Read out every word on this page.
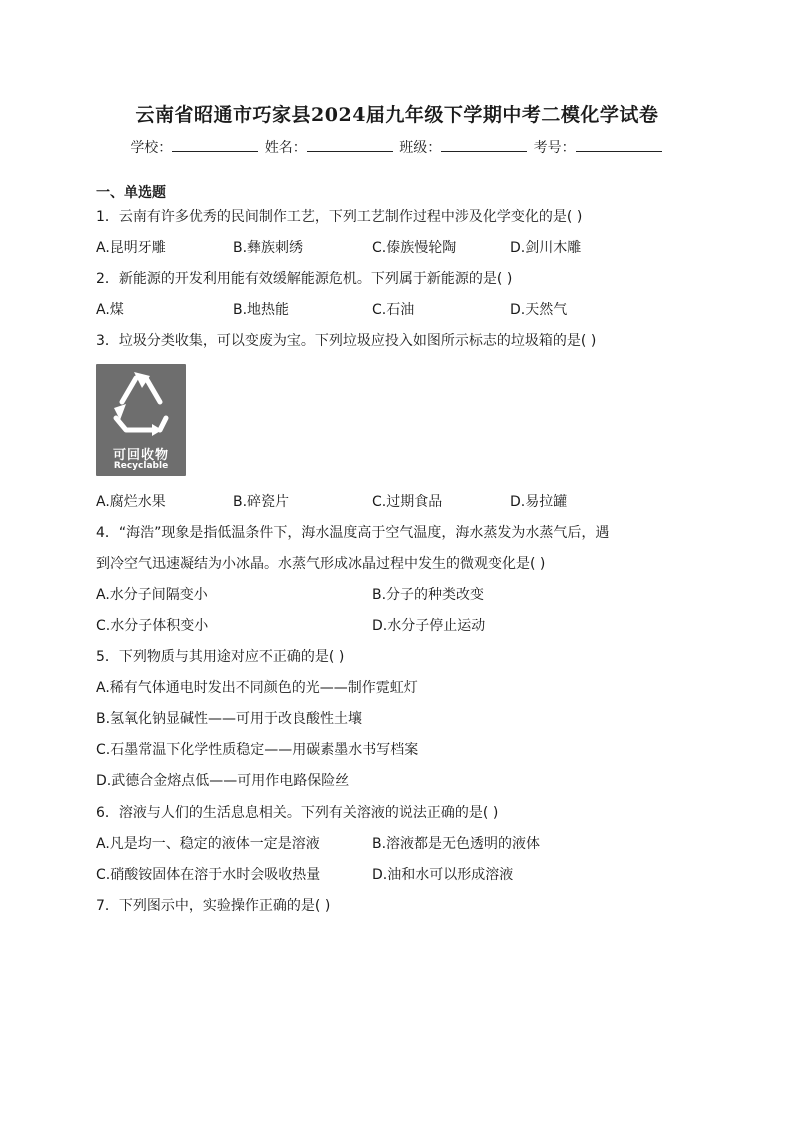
云南省昭通市巧家县2024届九年级下学期中考二模化学试卷
学校：	姓名：	班级：	考号：
一、单选题
1．云南有许多优秀的民间制作工艺，下列工艺制作过程中涉及化学变化的是( )
A.昆明牙雕	B.彝族刺绣	C.傣族慢轮陶	D.剑川木雕
2．新能源的开发利用能有效缓解能源危机。下列属于新能源的是( )
A.煤	B.地热能	C.石油	D.天然气
3．垃圾分类收集，可以变废为宝。下列垃圾应投入如图所示标志的垃圾箱的是( )
可回收物
Recyclable
A.腐烂水果	B.碎瓷片	C.过期食品	D.易拉罐
4．“海浩”现象是指低温条件下，海水温度高于空气温度，海水蒸发为水蒸气后，遇
到冷空气迅速凝结为小冰晶。水蒸气形成冰晶过程中发生的微观变化是( )
A.水分子间隔变小	B.分子的种类改变
C.水分子体积变小	D.水分子停止运动
5．下列物质与其用途对应不正确的是( )
A.稀有气体通电时发出不同颜色的光——制作霓虹灯
B.氢氧化钠显碱性——可用于改良酸性土壤
C.石墨常温下化学性质稳定——用碳素墨水书写档案
D.武德合金熔点低——可用作电路保险丝
6．溶液与人们的生活息息相关。下列有关溶液的说法正确的是( )
A.凡是均一、稳定的液体一定是溶液	B.溶液都是无色透明的液体
C.硝酸铵固体在溶于水时会吸收热量	D.油和水可以形成溶液
7．下列图示中，实验操作正确的是( )
